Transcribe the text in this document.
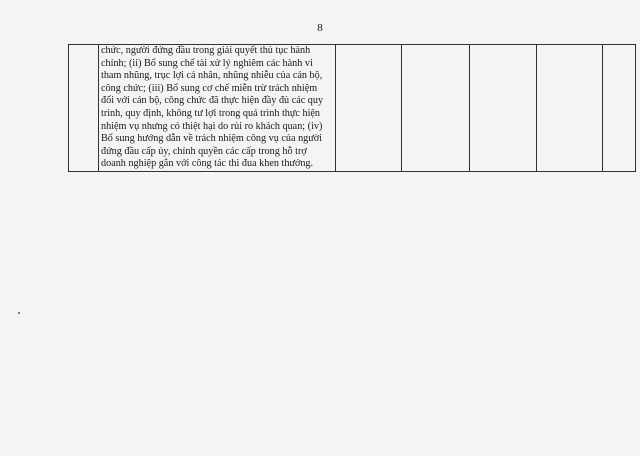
8

chức, người đứng đầu trong giải quyết thủ tục hành
chính; (ii) Bổ sung chế tài xử lý nghiêm các hành vi
tham nhũng, trục lợi cá nhân, nhũng nhiễu của cán bộ,
công chức; (iii) Bổ sung cơ chế miễn trừ trách nhiệm
đối với cán bộ, công chức đã thực hiện đầy đủ các quy
trình, quy định, không tư lợi trong quá trình thực hiện
nhiệm vụ nhưng có thiệt hại do rủi ro khách quan; (iv)
Bổ sung hướng dẫn về trách nhiệm công vụ của người
đứng đầu cấp ủy, chính quyền các cấp trong hỗ trợ
doanh nghiệp gắn với công tác thi đua khen thưởng.
